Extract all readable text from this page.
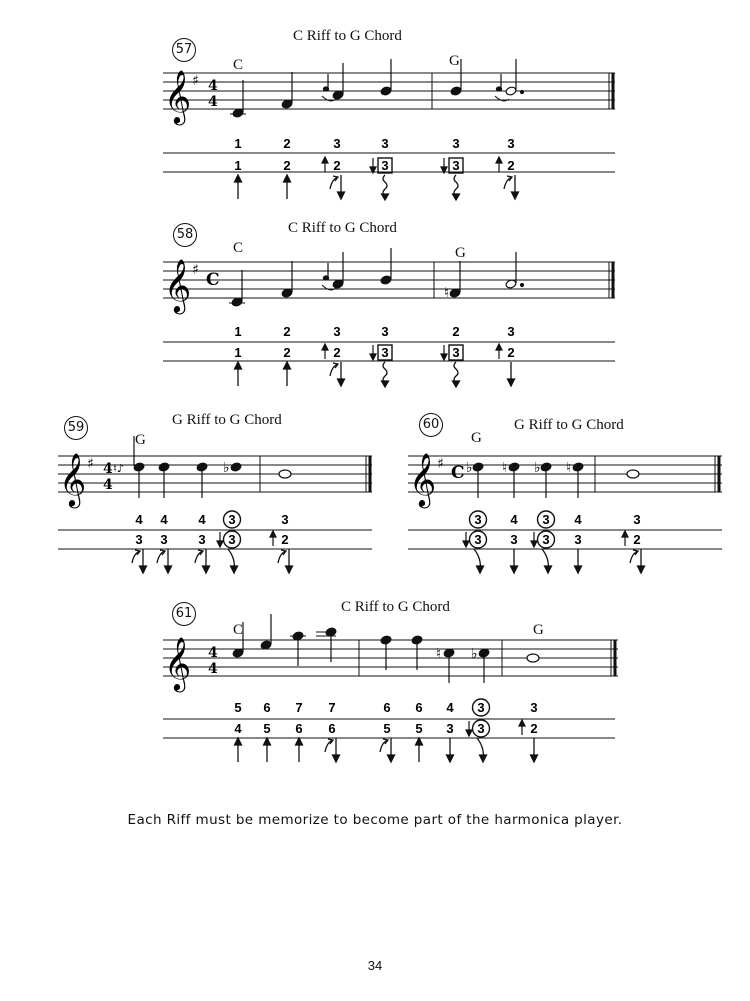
57
C Riff to G Chord
C	G
𝄞 ♯ 4
4
58	C Riff to G Chord
C	G
𝄞 ♯ C
♮
59	G Riff to G Chord
G
𝄞 ♯ 4
4
♮♪	♭
60	G Riff to G Chord
G
𝄞 ♯ C ♭ ♮ ♭ ♮
61	C Riff to G Chord
C	G
𝄞 4
4
♮ ♭
1	2	3	3	3	3
1	2	2	3	3	2
1	2	3	3	2	3
1	2	2	3	3	2
4 4 4 3	3
3 3 3 3	2
3 4 3 4	3
3 3 3 3	2
5 6 7 7	6 6 4 3	3
4 5 6 6	5 5 3 3	2
Each Riff must be memorize to become part of the harmonica player.
34
